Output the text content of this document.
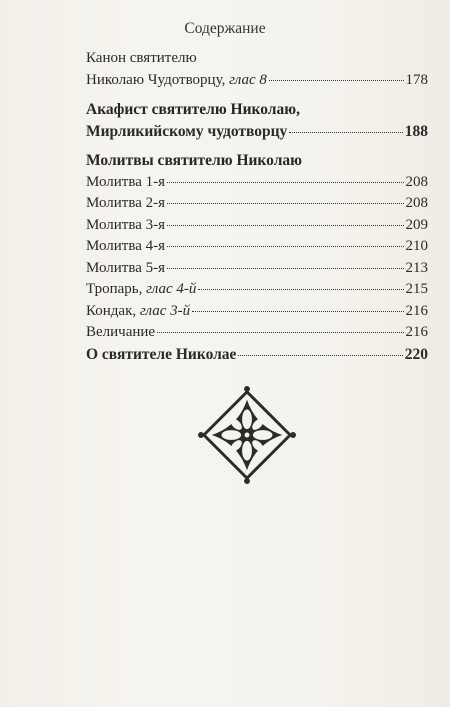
Содержание
Канон святителю
Николаю Чудотворцу, глас 8	178
Акафист святителю Николаю,
Мирликийскому чудотворцу	188
Молитвы святителю Николаю
Молитва 1-я	208
Молитва 2-я	208
Молитва 3-я	209
Молитва 4-я	210
Молитва 5-я	213
Тропарь, глас 4-й	215
Кондак, глас 3-й	216
Величание	216
О святителе Николае	220
